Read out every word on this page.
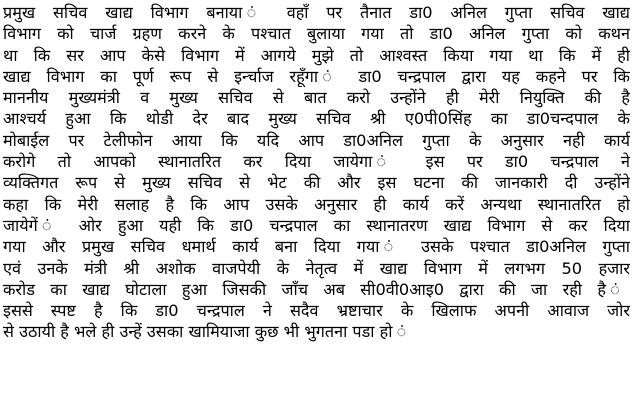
प्रमुख सचिव खाद्य विभाग बनाया ं वहॉं पर तैनात डा0 अनिल गुप्ता सचिव खाद्य
विभाग को चार्ज ग्रहण करने के पश्चात बुलाया गया तो डा0 अनिल गुप्ता को कथन
था कि सर आप केसे विभाग में आगये मुझे तो आश्वस्त किया गया था कि में ही
खाद्य विभाग का पूर्ण रूप से इर्न्चाज रहूँगा ं डा0 चन्द्रपाल द्वारा यह कहने पर कि
माननीय मुख्यमंत्री व मुख्य सचिव से बात करो उन्होंने ही मेरी नियुक्ति की है
आश्चर्य हुआ कि थोडी देर बाद मुख्य सचिव श्री ए0पी0सिंह का डा0चन्दपाल के
मोबाईल पर टेलीफोन आया कि यदि आप डा0अनिल गुप्ता के अनुसार नही कार्य
करोगे तो आपको स्थानातरित कर दिया जायेगा ं इस पर डा0 चन्द्रपाल ने
व्यक्तिगत रूप से मुख्य सचिव से भेट की और इस घटना की जानकारी दी उन्होंने
कहा कि मेरी सलाह है कि आप उसके अनुसार ही कार्य करें अन्यथा स्थानातरित हो
जायेगें ं ओर हुआ यही कि डा0 चन्द्रपाल का स्थानातरण खाद्य विभाग से कर दिया
गया और प्रमुख सचिव धमार्थ कार्य बना दिया गया ं उसके पश्चात डा0अनिल गुप्ता
एवं उनके मंत्री श्री अशोक वाजपेयी के नेतृत्व में खाद्य विभाग में लगभग 50 हजार
करोड का खाद्य घोटाला हुआ जिसकी जॉंच अब सी0वी0आइ0 द्वारा की जा रही है ं
इससे स्पष्ट है कि डा0 चन्द्रपाल ने सदैव भ्रष्टाचार के खिलाफ अपनी आवाज जोर
से उठायी है भले ही उन्हें उसका खामियाजा कुछ भी भुगतना पडा हो ं
